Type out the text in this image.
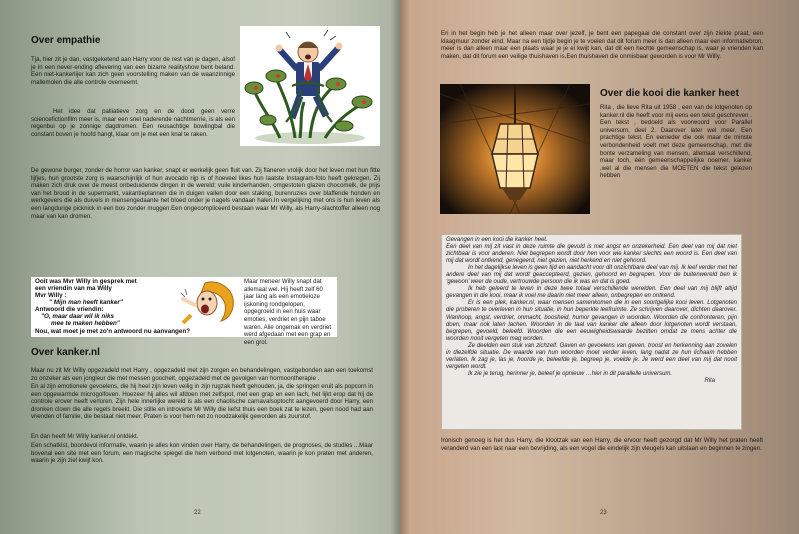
Over empathie

Tja, hier zit je dan, vastgeketend aan Harry voor de rest van je dagen, alsof je in een never-ending aflevering van een bizarre realityshow bent beland. Een niet-kankerlijer kan zich geen voorstelling maken van de waanzinnige mallemolen die alle controle overneemt.

Het idee dat palliatieve zorg en de dood geen verre sciencefictionfilm meer is, maar een snel naderende nachtmerrie, is als een regenbui op je zonnige dagdromen. Een reusachtige bowlingbal die constant boven je hoofd hangt, klaar om je met een knal te raken.

De gewone burger, zonder de horror van kanker, snapt er werkelijk geen fluit van. Zij flaneren vrolijk door het leven met hun fitte lijfjes, hun grootste zorg is waarschijnlijk of hun avocado rijp is of hoeveel likes hun laatste Instagram-foto heeft gekregen. Zij maken zich druk over de meest onbeduidende dingen in de wereld: vuile kinderhanden, omgestoten glazen chocomelk, de prijs van het brood in de supermarkt, vakantieplannen die in duigen vallen door een staking, burenruzies over blaffende honden en werkgevers die als duivels in mensengedaante het bloed onder je nagels vandaan halen.In vergelijking met ons is hun leven als een langdurige picknick in een bos zonder muggen.Een ongecompliceerd bestaan waar Mr Willy, als Harry-slachtoffer alleen nog maar van kan dromen.

Ooit was Mvr Willy in gesprek met
een vriendin van ma Willy
Mvr Willy :
" Mijn man heeft kanker"
Antwoord die vriendin:
"O, maar daar wil ik niks
mee te maken hebben"
Nou, wat moet je met zo'n antwoord nu aanvangen?

Maar meneer Willy snapt dat allemaal wel. Hij heeft zelf 60 jaar lang als een emotieloze ijskoning rondgelopen, opgegroeid in een huis waar emoties, verdriet en pijn taboe waren. Alle ongemak en verdriet werd afgedaan met een grap en een grol.

Over kanker.nl

Maar nu zit Mr Willy opgezadeld met Harry , opgezadeld met zijn zorgen en behandelingen, vastgebonden aan een toekomst zo onzeker als een jongleur die met messen goochelt, opgezadeld met de gevolgen van hormoontherapie .

En al zijn emotionele gevoelens, die hij heel zijn leven veilig in zijn rugzak heeft gehouden, ja, die springen eruit als popcorn in een opgewarmde microgolfoven. Hoezeer hij alles wil afdoen met zelfspot, met een grap en een lach, het lijkt erop dat hij de controle erover heeft verloren. Zijn hele innerlijke wereld is als een chaotische carnavalsoptocht aangevoerd door Harry, een dronken clown die alle regels breekt. Die stille en introverte Mr Willy die liefst thuis een boek zat te lezen, geen nood had aan vrienden of familie, die bestaat niet meer. Praten is voor hem net zo noodzakelijk geworden als zuurstof.

En dan heeft Mr Willy kanker.nl ontdekt.

Een schatkist, boordevol informatie, waarin je alles kon vinden over Harry, de behandelingen, de prognoses, de studies ...Maar bovenal een site met een forum, een magische spiegel die hem verbond met lotgenoten, waarin je kon praten met anderen, waarin je zijn ziel kwijt kon.

22

En in het begin heb je het alleen maar over jezelf, je bent een papegaai die constant over zijn ziekte praat, een klaagmuur zonder eind. Maar na een tijdje begin je te voelen dat dit forum meer is dan alleen maar een informatiebron, meer is dan alleen maar een plaats waar je je ei kwijt kan, dat dit een hechte gemeenschap is, waar je vrienden kan maken, dat dit forum een veilige thuishaven is.Een thuishaven die onmisbaar geworden is voor Mr Willy.

Over die kooi die kanker heet

Rita , die lieve Rita uit 1958 , een van de lotgenoten op kanker.nl die heeft voor mij eens een tekst geschreven . Een tekst , bedoeld als voorwoord voor Parallel universum, deel 2. Daarover later wel meer. Een prachtige tekst. En eenieder die ook maar de minste verbondenheid voelt met deze gemeenschap, met die bonte verzameling van mensen, allemaal verschillend, maar toch, één gemeenschappelijke noemer, kanker ,wel al die mensen die MOETEN die tekst gelezen hebben

Gevangen in een kooi die kanker heet.

Een deel van mij zit vast in deze ruimte die gevuld is met angst en onzekerheid. Een deel van mij dat niet zichtbaar is voor anderen. Niet begrepen wordt door hen voor wie kanker slechts een woord is. Een deel van mij dat wordt ontkend, genegeerd, niet gezien, niet herkend en niet gehoord.

In het dagelijkse leven is geen tijd en aandacht voor dit onzichtbare deel van mij. Ik leef verder met het andere deel van mij dat wordt geaccepteerd, gezien, gehoord en begrepen. Voor de buitenwereld ben ik ‘gewoon’ weer de oude, vertrouwde persoon die ik was en dat is goed.

Ik heb geleerd te leven in deze twee totaal verschillende werelden. Een deel van mij blijft altijd gevangen in die kooi, maar ik voel me daarin niet meer alleen, onbegrepen en ontkend.

Er is een plek, kanker.nl, waar mensen samenkomen die in een soortgelijke kooi leven. Lotgenoten die proberen te overleven in hun situatie, in hun beperkte leefruimte. Ze schrijven daarover, dichten daarover. Wanhoop, angst, verdriet, onmacht, boosheid, humor gevangen in woorden. Woorden die confronteren, pijn doen, maar ook laten lachen. Woorden in de taal van kanker die alleen door lotgenoten wordt verstaan, begrepen, gevoeld, beleefd. Woorden die een eeuwigheidswaarde bezitten omdat ze mens achter die woorden nooit vergeten mag worden.

Ze deelden een stuk van zichzelf. Gaven en gevoelens van geven, troost en herkenning aan zovelen in diezelfde situatie. De waarde van hun woorden moet verder leven, lang nadat ze hun lichaam hebben verlaten. Ik zag je, las je, hoorde je, beleefde je, begreep je, voelde je. Je werd een deel van mij dat nooit vergeten wordt.

Ik zie je terug, herinner je, beleef je opnieuw …hier in dit parallelle universum.

Rita

Ironisch genoeg is het dus Harry, die klootzak van een Harry, die ervoor heeft gezorgd dat Mr Willy het praten heeft veranderd van een last naar een bevrijding, als een vogel die eindelijk zijn vleugels kan uitslaan en beginnen te zingen.

23
